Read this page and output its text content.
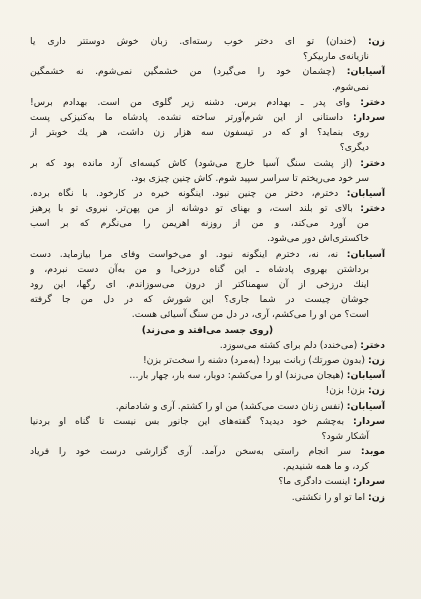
زن: (خندان) تو ای دختر خوب رسته‌ای. زبان خوش دوستتر داری یا
نازیانه‌ی ماربیکر؟
آسیابان: (چشمان خود را می‌گیرد) من خشمگین نمی‌شوم. نه خشمگین
نمی‌شوم.
دختر: وای پدر ـ بهدادم برس. دشنه زیر گلوی من است. بهدادم برس!
سردار: داستانی از این شرم‌آورتر ساخته نشده. پادشاه ما به‌کنیزکی پست
روی بنماید؟ او که در تیسفون سه هزار زن داشت، هر یك خوبتر از
دیگری؟
دختر: (از پشت سنگ آسیا خارج می‌شود) کاش کیسه‌ای آرد مانده بود که بر
سر خود می‌ریختم تا سراسر سپید شوم. کاش چنین چیزی بود.
آسیابان: دخترم، دختر من چنین نبود. اینگونه خیره در کارخود. با نگاه برده.
دختر: بالای تو بلند است، و بهنای تو دوشانه از من پهن‌تر. نیروی تو با پرهیز
من آورد می‌کند، و من از روزنه اهریمن را می‌نگرم که بر اسب
خاکستری‌اش دور می‌شود.
آسیابان: نه، نه، دخترم اینگونه نبود. او می‌خواست وفای مرا بیازماید. دست
برداشتن بهروی پادشاه ـ این گناه درزخی‌ا و من به‌آن دست نبردم، و
اینك درزخی از آن سهمناکتر از درون می‌سوزاندم. ای رگها، این رود
جوشان چیست در شما جاری؟ این شورش که در دل من جا گرفته
است؟ من او را می‌کشم، آری، در دل من سنگ آسیائی هست.
(روی جسد می‌افتد و می‌زند)
دختر: (می‌خندد) دلم برای کشته می‌سوزد.
زن: (بدون صورتك) زبانت بیرد! (به‌مرد) دشنه را سخت‌تر بزن!
آسیابان: (هیجان می‌زند) او را می‌کشم: دوبار، سه بار، چهار بار…
زن: بزن! بزن!
آسیابان: (نفس زنان دست می‌کشد) من او را کشتم. آری و شادمانم.
سردار: به‌چشم خود دیدید؟ گفته‌های این جانور بس نیست تا گناه او بردنیا
آشکار شود؟
موبد: سر انجام راستی به‌سخن درآمد. آری گزارشی درست خود را فریاد
کرد، و ما همه شنیدیم.
سردار: اینست دادگری ما؟
زن: اما تو او را نکشتی.
